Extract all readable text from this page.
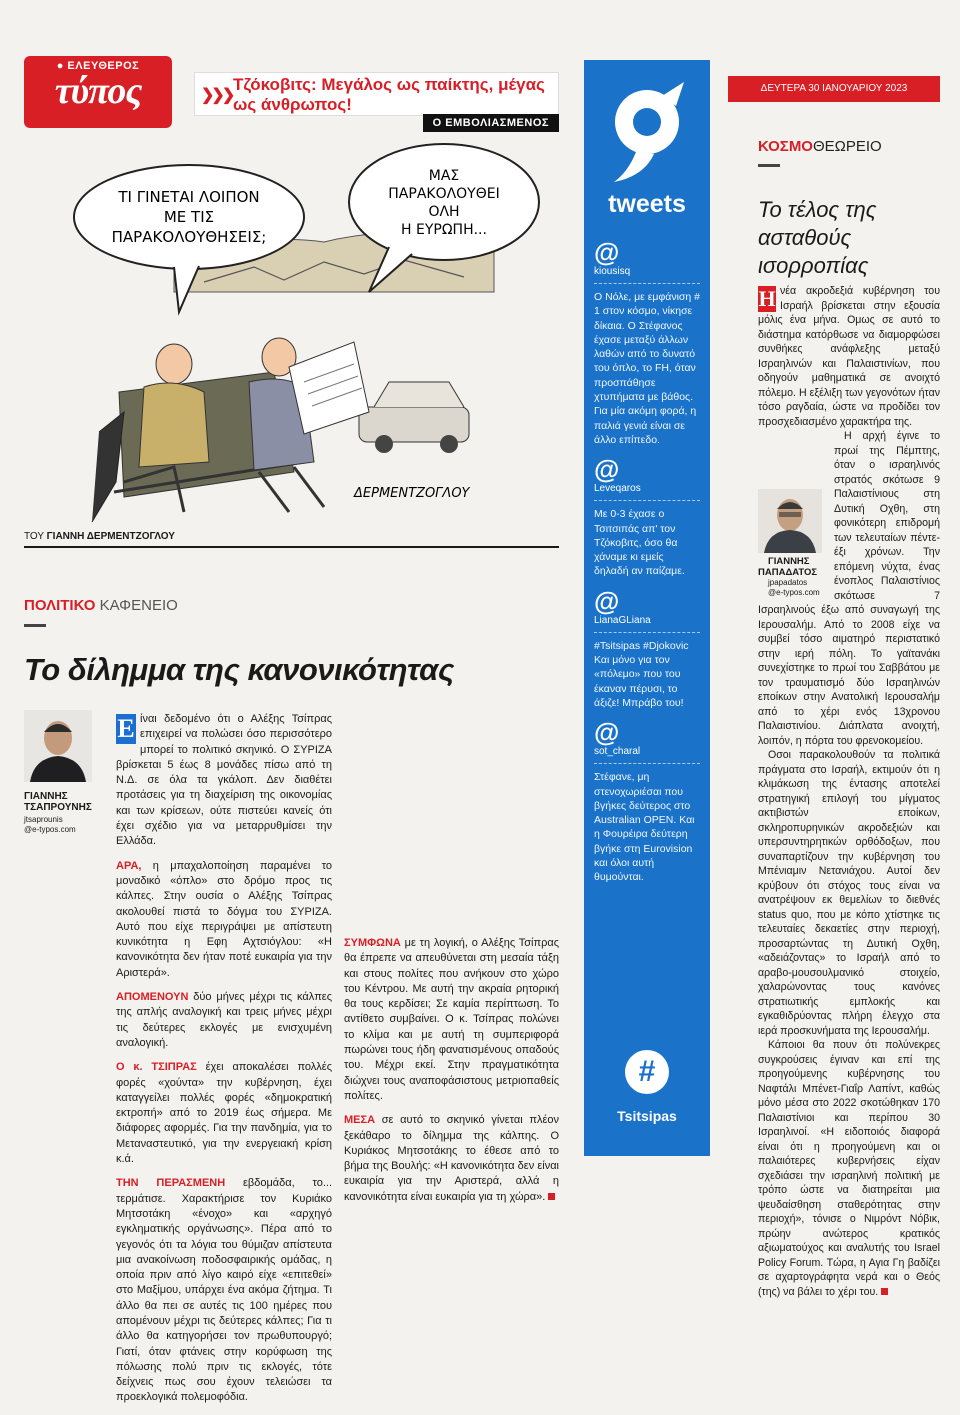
● ΕΛΕΥΘΕΡΟΣ
τύπος	❯❯❯
Τζόκοβιτς: Μεγάλος ως παίκτης, μέγας ως άνθρωπος!
Ο ΕΜΒΟΛΙΑΣΜΕΝΟΣ
ΤΙ ΓΙΝΕΤΑΙ ΛΟΙΠΟΝ
ΜΕ ΤΙΣ
ΠΑΡΑΚΟΛΟΥΘΗΣΕΙΣ;
ΜΑΣ
ΠΑΡΑΚΟΛΟΥΘΕΙ
ΟΛΗ
Η ΕΥΡΩΠΗ...
ΔΕΡΜΕΝΤΖΟΓΛΟΥ
ΤΟΥ ΓΙΑΝΝΗ ΔΕΡΜΕΝΤΖΟΓΛΟΥ
ΠΟΛΙΤΙΚΟ ΚΑΦΕΝΕΙΟ
Το δίλημμα της κανονικότητας
ΓΙΑΝΝΗΣ ΤΣΑΠΡΟΥΝΗΣ
jtsaprounis
@e-typos.com

Ε ίναι δεδομένο ότι ο Αλέξης Τσίπρας επιχειρεί να πολώσει όσο περισσότερο μπορεί το πολιτικό σκηνικό. Ο ΣΥΡΙΖΑ βρίσκεται 5 έως 8 μονάδες πίσω από τη Ν.Δ. σε όλα τα γκάλοπ. Δεν διαθέτει προτάσεις για τη διαχείριση της οικονομίας και των κρίσεων, ούτε πιστεύει κανείς ότι έχει σχέδιο για να μεταρρυθμίσει την Ελλάδα.

ΑΡΑ, η μπαχαλοποίηση παραμένει το μοναδικό «όπλο» στο δρόμο προς τις κάλπες. Στην ουσία ο Αλέξης Τσίπρας ακολουθεί πιστά το δόγμα του ΣΥΡΙΖΑ. Αυτό που είχε περιγράψει με απίστευτη κυνικότητα η Εφη Αχτσιόγλου: «Η κανονικότητα δεν ήταν ποτέ ευκαιρία για την Αριστερά».

ΑΠΟΜΕΝΟΥΝ δύο μήνες μέχρι τις κάλπες της απλής αναλογική και τρεις μήνες μέχρι τις δεύτερες εκλογές με ενισχυμένη αναλογική.

Ο κ. ΤΣΙΠΡΑΣ έχει αποκαλέσει πολλές φορές «χούντα» την κυβέρνηση, έχει καταγγείλει πολλές φορές «δημοκρατική εκτροπή» από το 2019 έως σήμερα. Με διάφορες αφορμές. Για την πανδημία, για το Μεταναστευτικό, για την ενεργειακή κρίση κ.ά.

ΤΗΝ ΠΕΡΑΣΜΕΝΗ εβδομάδα, το... τερμάτισε. Χαρακτήρισε τον Κυριάκο Μητσοτάκη «ένοχο» και «αρχηγό εγκληματικής οργάνωσης». Πέρα από το γεγονός ότι τα λόγια του θύμιζαν απίστευτα μια ανακοίνωση ποδοσφαιρικής ομάδας, η οποία πριν από λίγο καιρό είχε «επιτεθεί» στο Μαξίμου, υπάρχει ένα ακόμα ζήτημα. Τι άλλο θα πει σε αυτές τις 100 ημέρες που απομένουν μέχρι τις δεύτερες κάλπες; Για τι άλλο θα κατηγορήσει τον πρωθυπουργό; Γιατί, όταν φτάνεις στην κορύφωση της πόλωσης πολύ πριν τις εκλογές, τότε δείχνεις πως σου έχουν τελειώσει τα προεκλογικά πολεμοφόδια.

ΣΥΜΦΩΝΑ με τη λογική, ο Αλέξης Τσίπρας θα έπρεπε να απευθύνεται στη μεσαία τάξη και στους πολίτες που ανήκουν στο χώρο του Κέντρου. Με αυτή την ακραία ρητορική θα τους κερδίσει; Σε καμία περίπτωση. Το αντίθετο συμβαίνει. Ο κ. Τσίπρας πολώνει το κλίμα και με αυτή τη συμπεριφορά πωρώνει τους ήδη φανατισμένους οπαδούς του. Μέχρι εκεί. Στην πραγματικότητα διώχνει τους αναποφάσιστους μετριοπαθείς πολίτες.

ΜΕΣΑ σε αυτό το σκηνικό γίνεται πλέον ξεκάθαρο το δίλημμα της κάλπης. Ο Κυριάκος Μητσοτάκης το έθεσε από το βήμα της Βουλής: «Η κανονικότητα δεν είναι ευκαιρία για την Αριστερά, αλλά η κανονικότητα είναι ευκαιρία για τη χώρα».

tweets
@
kiousisq
Ο Νόλε, με εμφάνιση # 1 στον κόσμο, νίκησε δίκαια. Ο Στέφανος έχασε μεταξύ άλλων λαθών από το δυνατό του όπλο, το FH, όταν προσπάθησε χτυπήματα με βάθος. Για μία ακόμη φορά, η παλιά γενιά είναι σε άλλο επίπεδο.
@
Leveqaros
Με 0-3 έχασε ο Τσιτσιπάς απ' τον Τζόκοβιτς, όσο θα χάναμε κι εμείς δηλαδή αν παίζαμε.
@
LianaGLiana
#Tsitsipas #Djokovic Και μόνο για τον «πόλεμο» που του έκαναν πέρυσι, το άξιζε! Μπράβο του!
@
sot_charal
Στέφανε, μη στενοχωριέσαι που βγήκες δεύτερος στο Australian OPEN. Και η Φουρέιρα δεύτερη βγήκε στη Eurovision και όλοι αυτή θυμούνται.
#
Tsitsipas
ΔΕΥΤΕΡΑ 30 ΙΑΝΟΥΑΡΙΟΥ 2023
ΚΟΣΜΟΘΕΩΡΕΙΟ
Το τέλος της ασταθούς ισορροπίας

Η νέα ακροδεξιά κυβέρνηση του Ισραήλ βρίσκεται στην εξουσία μόλις ένα μήνα. Ομως σε αυτό το διάστημα κατόρθωσε να διαμορφώσει συνθήκες ανάφλεξης μεταξύ Ισραηλινών και Παλαιστινίων, που οδηγούν μαθηματικά σε ανοιχτό πόλεμο. Η εξέλιξη των γεγονότων ήταν τόσο ραγδαία, ώστε να προδίδει τον προσχεδιασμένο χαρακτήρα της.

ΓΙΑΝΝΗΣ ΠΑΠΑΔΑΤΟΣ
jpapadatos
@e-typos.com
Η αρχή έγινε το πρωί της Πέμπτης, όταν ο ισραηλινός στρατός σκότωσε 9 Παλαιστίνιους στη Δυτική Οχθη, στη φονικότερη επιδρομή των τελευταίων πέντε-έξι χρόνων. Την επόμενη νύχτα, ένας ένοπλος Παλαιστίνιος σκότωσε 7 Ισραηλινούς έξω από συναγωγή της Ιερουσαλήμ. Από το 2008 είχε να συμβεί τόσο αιματηρό περιστατικό στην ιερή πόλη. Το γαϊτανάκι συνεχίστηκε το πρωί του Σαββάτου με τον τραυματισμό δύο Ισραηλινών εποίκων στην Ανατολική Ιερουσαλήμ από το χέρι ενός 13χρονου Παλαιστινίου. Διάπλατα ανοιχτή, λοιπόν, η πόρτα του φρενοκομείου.

Οσοι παρακολουθούν τα πολιτικά πράγματα στο Ισραήλ, εκτιμούν ότι η κλιμάκωση της έντασης αποτελεί στρατηγική επιλογή του μίγματος ακτιβιστών εποίκων, σκληροπυρηνικών ακροδεξιών και υπερσυντηρητικών ορθόδοξων, που συναπαρτίζουν την κυβέρνηση του Μπένιαμιν Νετανιάχου. Αυτοί δεν κρύβουν ότι στόχος τους είναι να ανατρέψουν εκ θεμελίων το διεθνές status quo, που με κόπο χτίστηκε τις τελευταίες δεκαετίες στην περιοχή, προσαρτώντας τη Δυτική Οχθη, «αδειάζοντας» το Ισραήλ από το αραβο-μουσουλμανικό στοιχείο, χαλαρώνοντας τους κανόνες στρατιωτικής εμπλοκής και εγκαθιδρύοντας πλήρη έλεγχο στα ιερά προσκυνήματα της Ιερουσαλήμ.

Κάποιοι θα πουν ότι πολύνεκρες συγκρούσεις έγιναν και επί της προηγούμενης κυβέρνησης του Ναφτάλι Μπένετ-Γιαΐρ Λαπίντ, καθώς μόνο μέσα στο 2022 σκοτώθηκαν 170 Παλαιστίνιοι και περίπου 30 Ισραηλινοί. «Η ειδοποιός διαφορά είναι ότι η προηγούμενη και οι παλαιότερες κυβερνήσεις είχαν σχεδιάσει την ισραηλινή πολιτική με τρόπο ώστε να διατηρείται μια ψευδαίσθηση σταθερότητας στην περιοχή», τόνισε ο Νιμρόντ Νόβικ, πρώην ανώτερος κρατικός αξιωματούχος και αναλυτής του Israel Policy Forum. Τώρα, η Αγια Γη βαδίζει σε αχαρτογράφητα νερά και ο Θεός (της) να βάλει το χέρι του.
